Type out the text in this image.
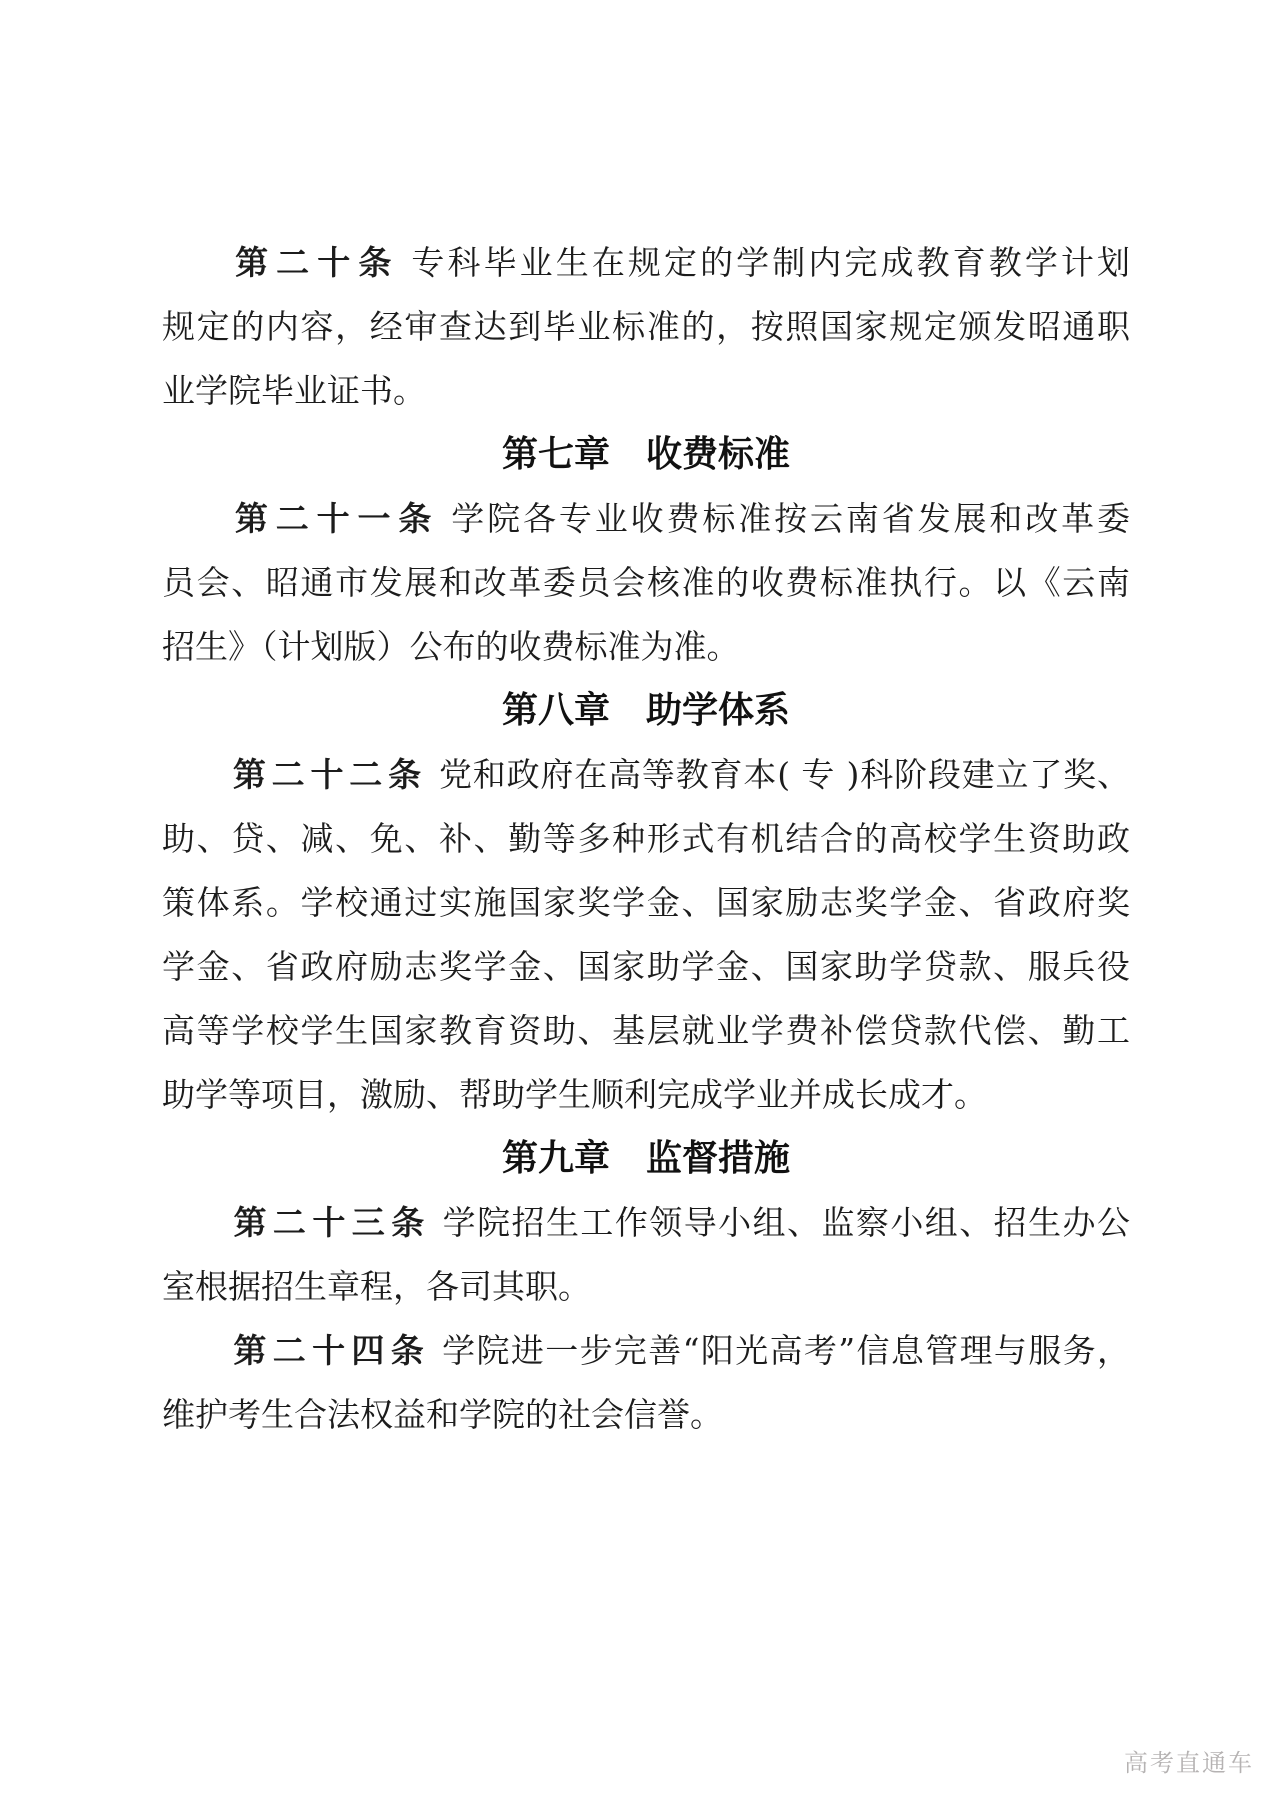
第二十条 专科毕业生在规定的学制内完成教育教学计划
规定的内容，经审查达到毕业标准的，按照国家规定颁发昭通职
业学院毕业证书。
第七章　收费标准
第二十一条 学院各专业收费标准按云南省发展和改革委
员会、昭通市发展和改革委员会核准的收费标准执行。以《云南
招生》（计划版）公布的收费标准为准。
第八章　助学体系
第二十二条 党和政府在高等教育本( 专 )科阶段建立了奖、
助、贷、减、免、补、勤等多种形式有机结合的高校学生资助政
策体系。学校通过实施国家奖学金、国家励志奖学金、省政府奖
学金、省政府励志奖学金、国家助学金、国家助学贷款、服兵役
高等学校学生国家教育资助、基层就业学费补偿贷款代偿、勤工
助学等项目，激励、帮助学生顺利完成学业并成长成才。
第九章　监督措施
第二十三条 学院招生工作领导小组、监察小组、招生办公
室根据招生章程，各司其职。
第二十四条 学院进一步完善“阳光高考”信息管理与服务，
维护考生合法权益和学院的社会信誉。
高考直通车
